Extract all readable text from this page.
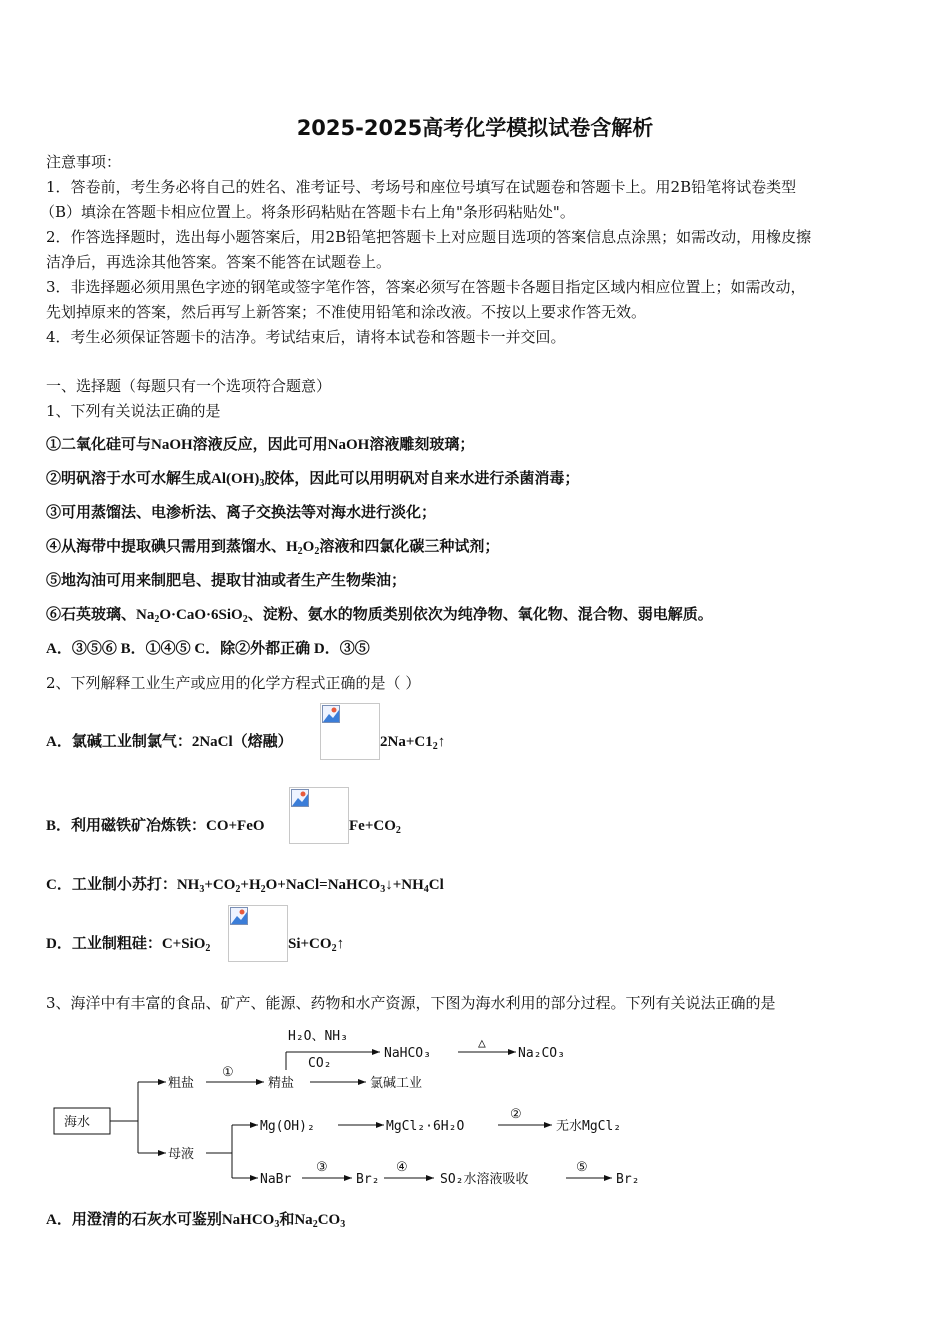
2025-2025高考化学模拟试卷含解析
注意事项：
1．答卷前，考生务必将自己的姓名、准考证号、考场号和座位号填写在试题卷和答题卡上。用2B铅笔将试卷类型
（B）填涂在答题卡相应位置上。将条形码粘贴在答题卡右上角"条形码粘贴处"。
2．作答选择题时，选出每小题答案后，用2B铅笔把答题卡上对应题目选项的答案信息点涂黑；如需改动，用橡皮擦
洁净后，再选涂其他答案。答案不能答在试题卷上。
3．非选择题必须用黑色字迹的钢笔或签字笔作答，答案必须写在答题卡各题目指定区域内相应位置上；如需改动，
先划掉原来的答案，然后再写上新答案；不准使用铅笔和涂改液。不按以上要求作答无效。
4．考生必须保证答题卡的洁净。考试结束后，请将本试卷和答题卡一并交回。
一、选择题（每题只有一个选项符合题意）
1、下列有关说法正确的是
①二氧化硅可与NaOH溶液反应，因此可用NaOH溶液雕刻玻璃；
②明矾溶于水可水解生成$Al(OH)_3$胶体，因此可以用明矾对自来水进行杀菌消毒；
③可用蒸馏法、电渗析法、离子交换法等对海水进行淡化；
④从海带中提取碘只需用到蒸馏水、$H_2O_2$溶液和四氯化碳三种试剂；
⑤地沟油可用来制肥皂、提取甘油或者生产生物柴油；
⑥石英玻璃、$Na_2O\cdot CaO\cdot 6SiO_2$、淀粉、氨水的物质类别依次为纯净物、氧化物、混合物、弱电解质。
A．③⑤⑥ B．①④⑤ C．除②外都正确 D．③⑤
2、下列解释工业生产或应用的化学方程式正确的是（ ）
A．氯碱工业制氯气：2NaCl（熔融）	$2Na+C1_2↑$
B．利用磁铁矿冶炼铁：CO+FeO	$Fe+CO_2$
C．工业制小苏打：$NH_3+CO_2+H_2O+NaCl=NaHCO_3↓+NH_4Cl$
D．工业制粗硅：C+SiO$_2$	$Si+CO_2↑$
3、海洋中有丰富的食品、矿产、能源、药物和水产资源，下图为海水利用的部分过程。下列有关说法正确的是
海水
粗盐
母液
①
精盐
H₂O、NH₃
CO₂
NaHCO₃
△
Na₂CO₃
氯碱工业
Mg(OH)₂	MgCl₂·6H₂O
②
无水MgCl₂
NaBr
③
Br₂
④
SO₂水溶液吸收
⑤
Br₂
A．用澄清的石灰水可鉴别NaHCO$_3$和$Na_2CO_3$
